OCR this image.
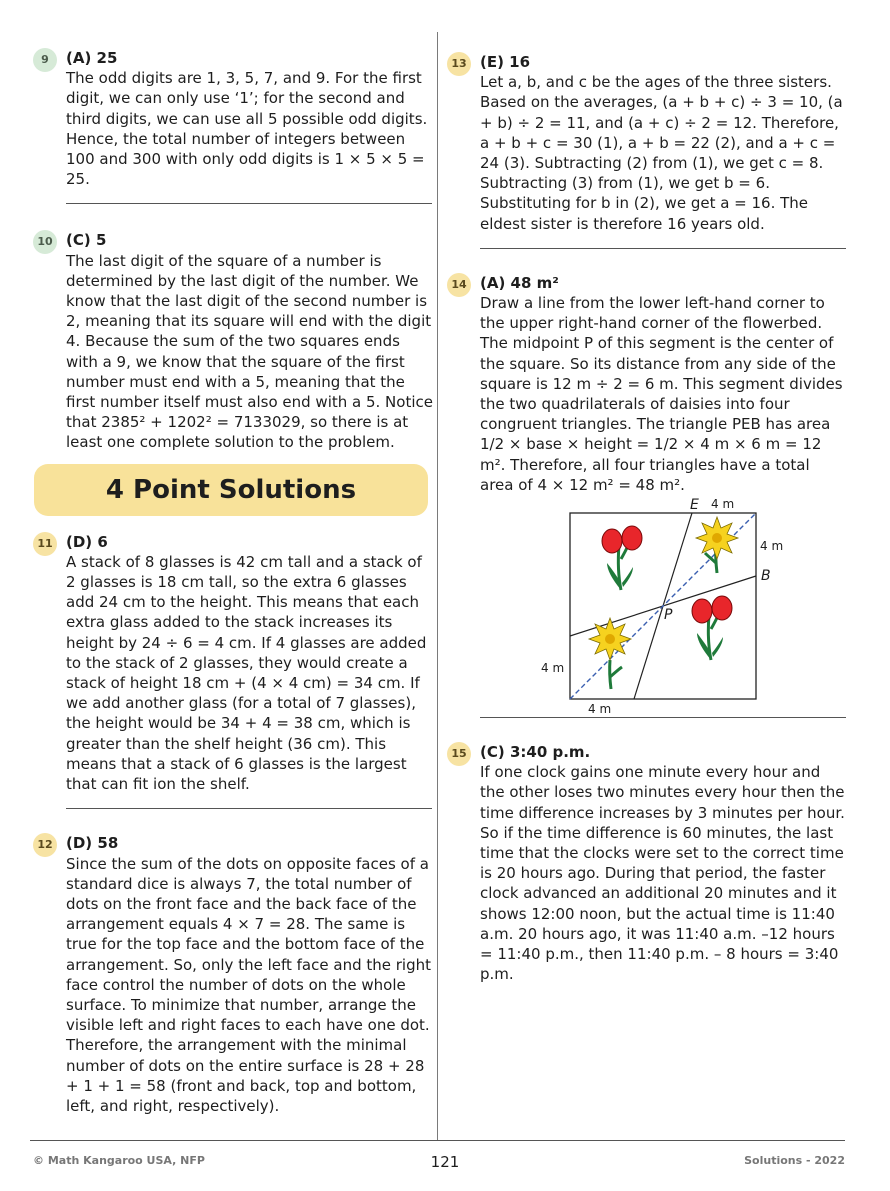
9	(A) 25
The odd digits are 1, 3, 5, 7, and 9. For the first digit, we can only use ‘1’; for the second and third digits, we can use all 5 possible odd digits. Hence, the total number of integers between 100 and 300 with only odd digits is 1 × 5 × 5 = 25.
10 (C) 5
The last digit of the square of a number is determined by the last digit of the number. We know that the last digit of the second number is 2, meaning that its square will end with the digit 4. Because the sum of the two squares ends with a 9, we know that the square of the first number must end with a 5, meaning that the first number itself must also end with a 5. Notice that 2385² + 1202² = 7133029, so there is at least one complete solution to the problem.
4 Point Solutions
11 (D) 6
A stack of 8 glasses is 42 cm tall and a stack of 2 glasses is 18 cm tall, so the extra 6 glasses add 24 cm to the height. This means that each extra glass added to the stack increases its height by 24 ÷ 6 = 4 cm. If 4 glasses are added to the stack of 2 glasses, they would create a stack of height 18 cm + (4 × 4 cm) = 34 cm. If we add another glass (for a total of 7 glasses), the height would be 34 + 4 = 38 cm, which is greater than the shelf height (36 cm). This means that a stack of 6 glasses is the largest that can fit ion the shelf.
12 (D) 58
Since the sum of the dots on opposite faces of a standard dice is always 7, the total number of dots on the front face and the back face of the arrangement equals 4 × 7 = 28. The same is true for the top face and the bottom face of the arrangement. So, only the left face and the right face control the number of dots on the whole surface. To minimize that number, arrange the visible left and right faces to each have one dot. Therefore, the arrangement with the minimal number of dots on the entire surface is 28 + 28 + 1 + 1 = 58 (front and back, top and bottom, left, and right, respectively).
13 (E) 16
Let a, b, and c be the ages of the three sisters. Based on the averages, (a + b + c) ÷ 3 = 10, (a + b) ÷ 2 = 11, and (a + c) ÷ 2 = 12. Therefore, a + b + c = 30 (1), a + b = 22 (2), and a + c = 24 (3). Subtracting (2) from (1), we get c = 8. Subtracting (3) from (1), we get b = 6. Substituting for b in (2), we get a = 16. The eldest sister is therefore 16 years old.
14 (A) 48 m²
Draw a line from the lower left-hand corner to the upper right-hand corner of the flowerbed. The midpoint P of this segment is the center of the square. So its distance from any side of the square is 12 m ÷ 2 = 6 m. This segment divides the two quadrilaterals of daisies into four congruent triangles. The triangle PEB has area 1/2 × base × height = 1/2 × 4 m × 6 m = 12 m². Therefore, all four triangles have a total area of 4 × 12 m² = 48 m².
E 4 m
4 m
B
P
4 m
4 m
15 (C) 3:40 p.m.
If one clock gains one minute every hour and the other loses two minutes every hour then the time difference increases by 3 minutes per hour. So if the time difference is 60 minutes, the last time that the clocks were set to the correct time is 20 hours ago. During that period, the faster clock advanced an additional 20 minutes and it shows 12:00 noon, but the actual time is 11:40 a.m. 20 hours ago, it was 11:40 a.m. –12 hours = 11:40 p.m., then 11:40 p.m. – 8 hours = 3:40 p.m.
© Math Kangaroo USA, NFP	121	Solutions - 2022
